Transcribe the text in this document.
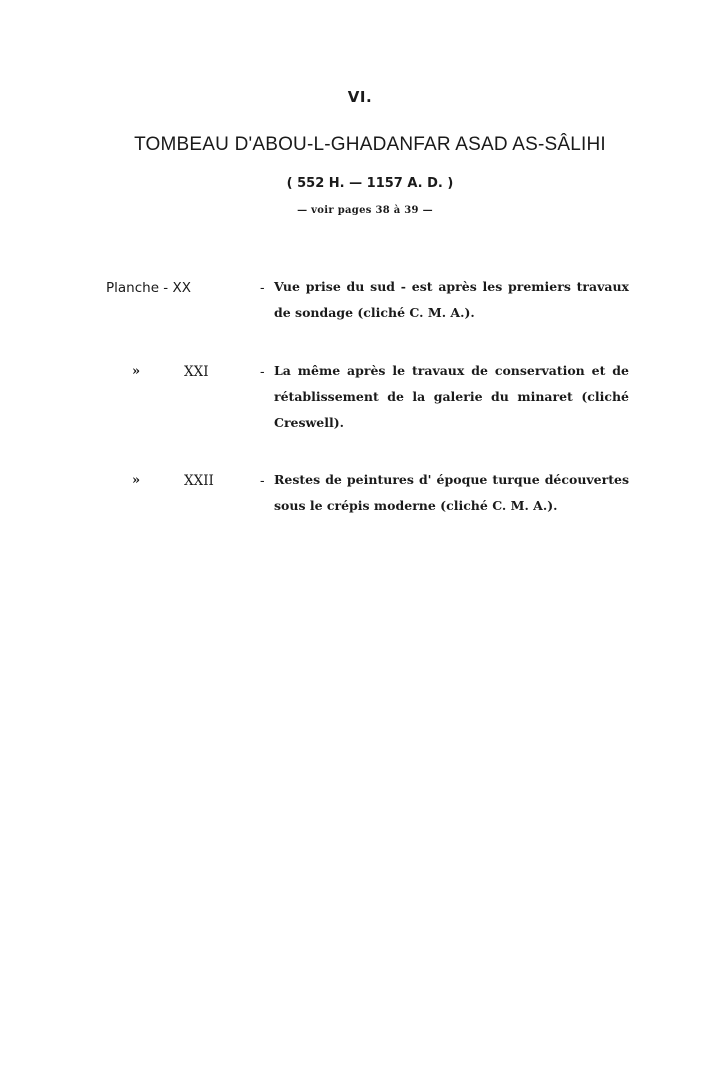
VI.
TOMBEAU D'ABOU-L-GHADANFAR ASAD AS-SÂLIHI
( 552 H. — 1157 A. D. )
— voir pages 38 à 39 —
Planche - XX	- Vue prise du sud - est après les premiers travaux de sondage (cliché C. M. A.).
»	XXI	- La même après le travaux de conservation et de rétablissement de la galerie du minaret (cliché Creswell).
»	XXII	- Restes de peintures d' époque turque découvertes sous le crépis moderne (cliché C. M. A.).
